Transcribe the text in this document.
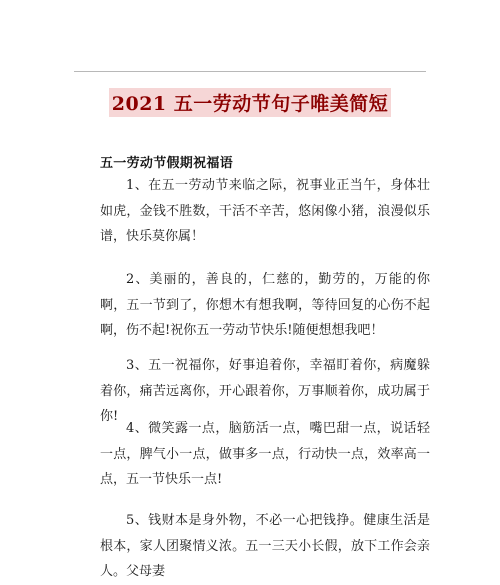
2021 五一劳动节句子唯美简短
五一劳动节假期祝福语
1、在五一劳动节来临之际，祝事业正当午，身体壮如虎，金钱不胜数，干活不辛苦，悠闲像小猪，浪漫似乐谱，快乐莫你属！
2、美丽的，善良的，仁慈的，勤劳的，万能的你啊，五一节到了，你想木有想我啊，等待回复的心伤不起啊，伤不起!祝你五一劳动节快乐!随便想想我吧！
3、五一祝福你，好事追着你，幸福盯着你，病魔躲着你，痛苦远离你，开心跟着你，万事顺着你，成功属于你!
4、微笑露一点，脑筋活一点，嘴巴甜一点，说话轻一点，脾气小一点，做事多一点，行动快一点，效率高一点，五一节快乐一点!
5、钱财本是身外物，不必一心把钱挣。健康生活是根本，家人团聚情义浓。五一三天小长假，放下工作会亲人。父母妻
